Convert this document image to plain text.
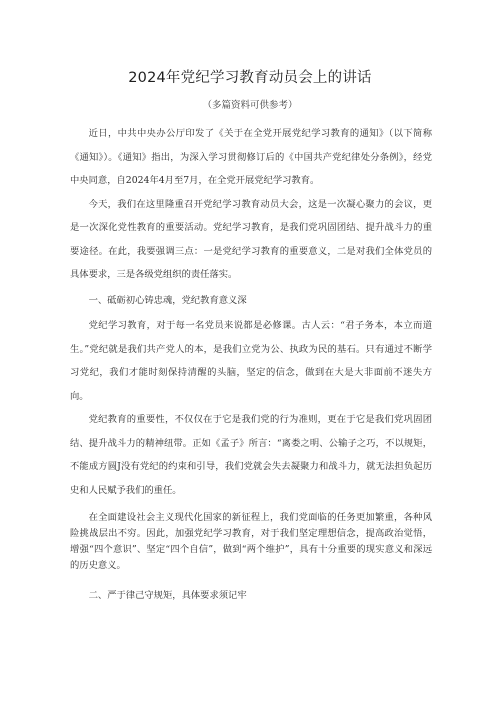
2024年党纪学习教育动员会上的讲话
（多篇资料可供参考）

近日，中共中央办公厅印发了《关于在全党开展党纪学习教育的通知》（以下简称《通知》）。《通知》指出，为深入学习贯彻修订后的《中国共产党纪律处分条例》，经党中央同意，自2024年4月至7月，在全党开展党纪学习教育。

今天，我们在这里隆重召开党纪学习教育动员大会，这是一次凝心聚力的会议，更是一次深化党性教育的重要活动。党纪学习教育，是我们党巩固团结、提升战斗力的重要途径。在此，我要强调三点：一是党纪学习教育的重要意义，二是对我们全体党员的具体要求，三是各级党组织的责任落实。

一、砥砺初心铸忠魂，党纪教育意义深

党纪学习教育，对于每一名党员来说都是必修课。古人云：“君子务本，本立而道生。”党纪就是我们共产党人的本，是我们立党为公、执政为民的基石。只有通过不断学习党纪，我们才能时刻保持清醒的头脑，坚定的信念，做到在大是大非面前不迷失方向。

党纪教育的重要性，不仅仅在于它是我们党的行为准则，更在于它是我们党巩固团结、提升战斗力的精神纽带。正如《孟子》所言：“离娄之明、公输子之巧，不以规矩，不能成方圆J没有党纪的约束和引导，我们党就会失去凝聚力和战斗力，就无法担负起历史和人民赋予我们的重任。

在全面建设社会主义现代化国家的新征程上，我们党面临的任务更加繁重，各种风险挑战层出不穷。因此，加强党纪学习教育，对于我们坚定理想信念，提高政治觉悟，增强“四个意识”、坚定“四个自信”，做到“两个维护”，具有十分重要的现实意义和深远的历史意义。

二、严于律己守规矩，具体要求须记牢
